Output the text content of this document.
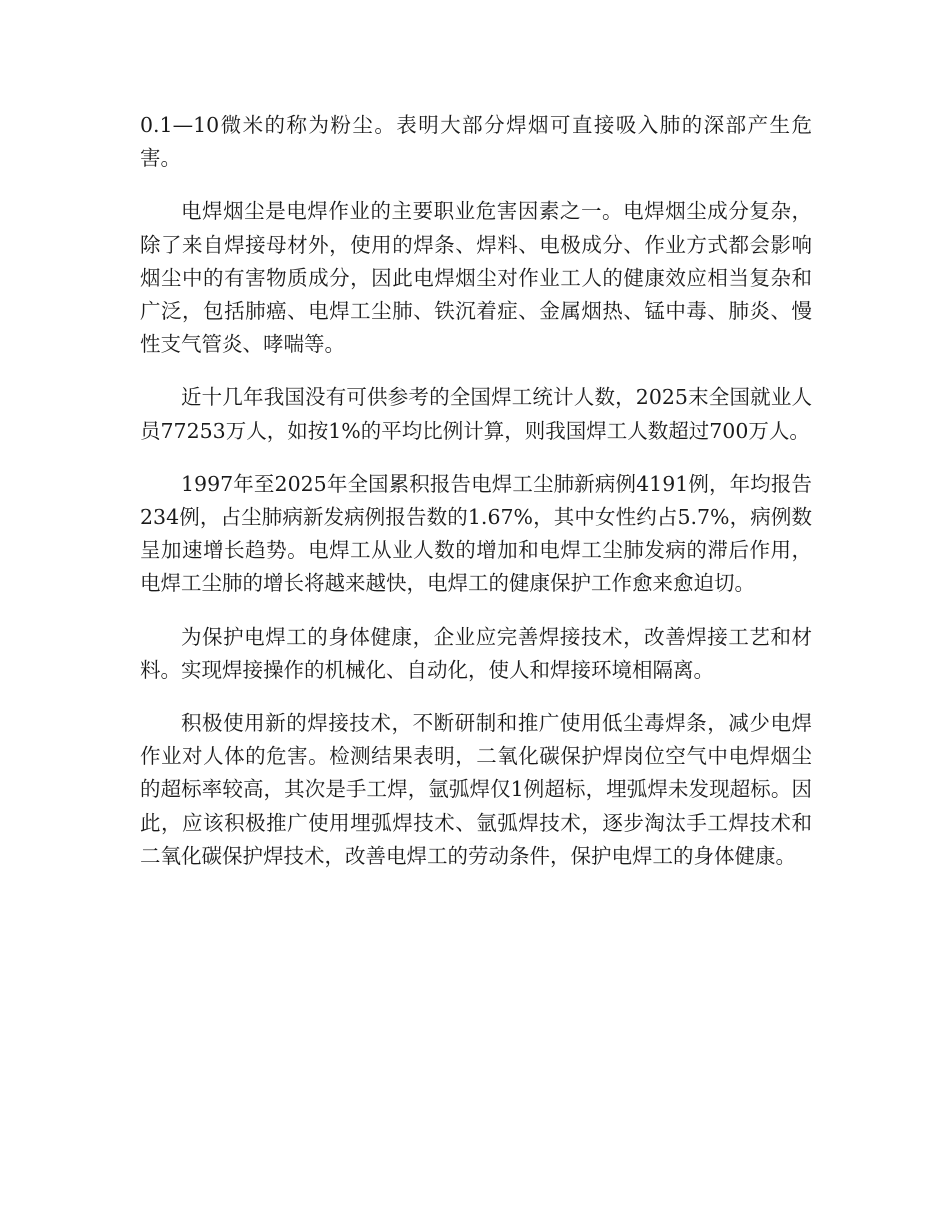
0.1—10微米的称为粉尘。表明大部分焊烟可直接吸入肺的深部产生危害。

电焊烟尘是电焊作业的主要职业危害因素之一。电焊烟尘成分复杂，除了来自焊接母材外，使用的焊条、焊料、电极成分、作业方式都会影响烟尘中的有害物质成分，因此电焊烟尘对作业工人的健康效应相当复杂和广泛，包括肺癌、电焊工尘肺、铁沉着症、金属烟热、锰中毒、肺炎、慢性支气管炎、哮喘等。

近十几年我国没有可供参考的全国焊工统计人数，2025末全国就业人员77253万人，如按1%的平均比例计算，则我国焊工人数超过700万人。

1997年至2025年全国累积报告电焊工尘肺新病例4191例，年均报告234例，占尘肺病新发病例报告数的1.67%，其中女性约占5.7%，病例数呈加速增长趋势。电焊工从业人数的增加和电焊工尘肺发病的滞后作用，电焊工尘肺的增长将越来越快，电焊工的健康保护工作愈来愈迫切。

为保护电焊工的身体健康，企业应完善焊接技术，改善焊接工艺和材料。实现焊接操作的机械化、自动化，使人和焊接环境相隔离。

积极使用新的焊接技术，不断研制和推广使用低尘毒焊条，减少电焊作业对人体的危害。检测结果表明，二氧化碳保护焊岗位空气中电焊烟尘的超标率较高，其次是手工焊，氩弧焊仅1例超标，埋弧焊未发现超标。因此，应该积极推广使用埋弧焊技术、氩弧焊技术，逐步淘汰手工焊技术和二氧化碳保护焊技术，改善电焊工的劳动条件，保护电焊工的身体健康。
